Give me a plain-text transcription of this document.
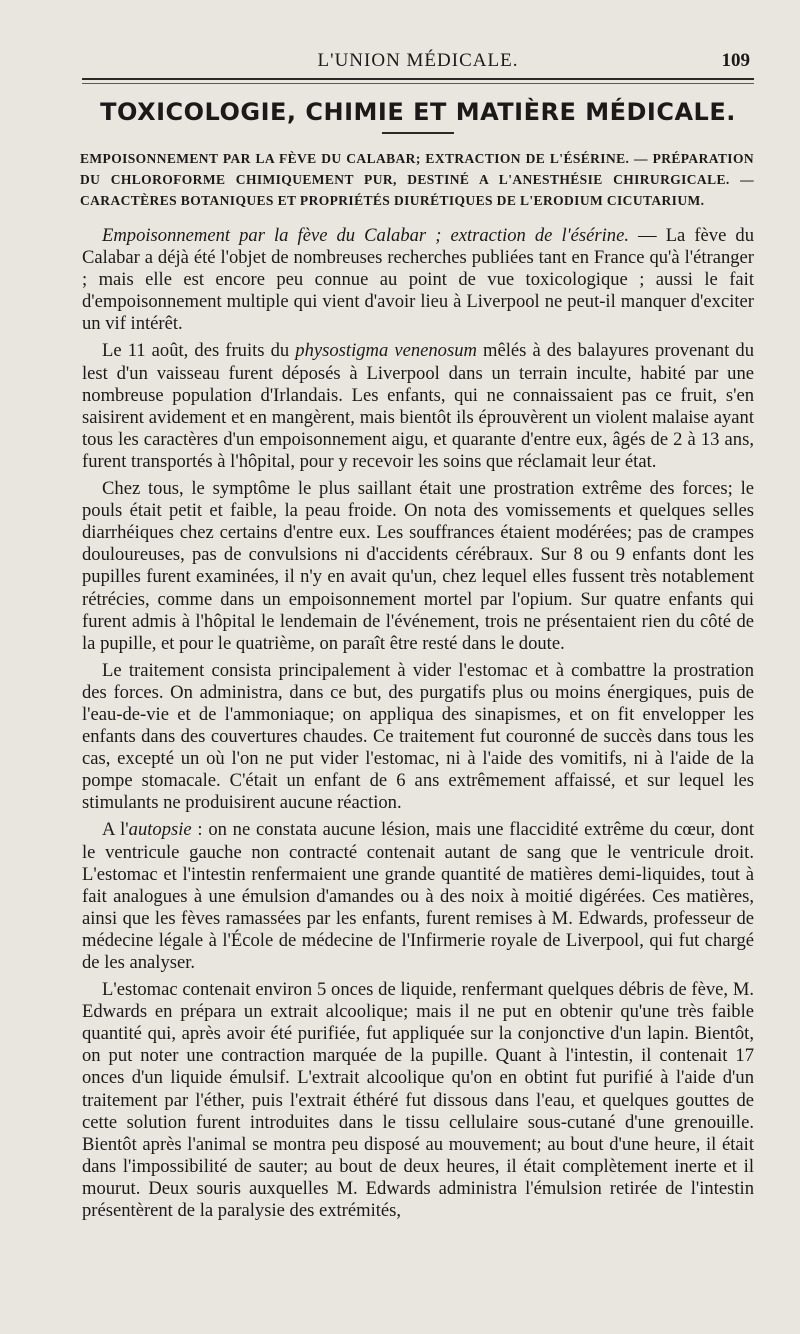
L'UNION MÉDICALE.	109
TOXICOLOGIE, CHIMIE ET MATIÈRE MÉDICALE.
EMPOISONNEMENT PAR LA FÈVE DU CALABAR; EXTRACTION DE L'ÉSÉRINE. — PRÉPARATION DU CHLOROFORME CHIMIQUEMENT PUR, DESTINÉ A L'ANESTHÉSIE CHIRURGICALE. — CARACTÈRES BOTANIQUES ET PROPRIÉTÉS DIURÉTIQUES DE L'ERODIUM CICUTARIUM.

Empoisonnement par la fève du Calabar ; extraction de l'ésérine. — La fève du Calabar a déjà été l'objet de nombreuses recherches publiées tant en France qu'à l'étranger ; mais elle est encore peu connue au point de vue toxicologique ; aussi le fait d'empoisonnement multiple qui vient d'avoir lieu à Liverpool ne peut-il manquer d'exciter un vif intérêt.

Le 11 août, des fruits du physostigma venenosum mêlés à des balayures provenant du lest d'un vaisseau furent déposés à Liverpool dans un terrain inculte, habité par une nombreuse population d'Irlandais. Les enfants, qui ne connaissaient pas ce fruit, s'en saisirent avidement et en mangèrent, mais bientôt ils éprouvèrent un violent malaise ayant tous les caractères d'un empoisonnement aigu, et quarante d'entre eux, âgés de 2 à 13 ans, furent transportés à l'hôpital, pour y recevoir les soins que réclamait leur état.

Chez tous, le symptôme le plus saillant était une prostration extrême des forces; le pouls était petit et faible, la peau froide. On nota des vomissements et quelques selles diarrhéiques chez certains d'entre eux. Les souffrances étaient modérées; pas de crampes douloureuses, pas de convulsions ni d'accidents cérébraux. Sur 8 ou 9 enfants dont les pupilles furent examinées, il n'y en avait qu'un, chez lequel elles fussent très notablement rétrécies, comme dans un empoisonnement mortel par l'opium. Sur quatre enfants qui furent admis à l'hôpital le lendemain de l'événement, trois ne présentaient rien du côté de la pupille, et pour le quatrième, on paraît être resté dans le doute.

Le traitement consista principalement à vider l'estomac et à combattre la prostration des forces. On administra, dans ce but, des purgatifs plus ou moins énergiques, puis de l'eau-de-vie et de l'ammoniaque; on appliqua des sinapismes, et on fit envelopper les enfants dans des couvertures chaudes. Ce traitement fut couronné de succès dans tous les cas, excepté un où l'on ne put vider l'estomac, ni à l'aide des vomitifs, ni à l'aide de la pompe stomacale. C'était un enfant de 6 ans extrêmement affaissé, et sur lequel les stimulants ne produisirent aucune réaction.

A l'autopsie : on ne constata aucune lésion, mais une flaccidité extrême du cœur, dont le ventricule gauche non contracté contenait autant de sang que le ventricule droit. L'estomac et l'intestin renfermaient une grande quantité de matières demi-liquides, tout à fait analogues à une émulsion d'amandes ou à des noix à moitié digérées. Ces matières, ainsi que les fèves ramassées par les enfants, furent remises à M. Edwards, professeur de médecine légale à l'École de médecine de l'Infirmerie royale de Liverpool, qui fut chargé de les analyser.

L'estomac contenait environ 5 onces de liquide, renfermant quelques débris de fève, M. Edwards en prépara un extrait alcoolique; mais il ne put en obtenir qu'une très faible quantité qui, après avoir été purifiée, fut appliquée sur la conjonctive d'un lapin. Bientôt, on put noter une contraction marquée de la pupille. Quant à l'intestin, il contenait 17 onces d'un liquide émulsif. L'extrait alcoolique qu'on en obtint fut purifié à l'aide d'un traitement par l'éther, puis l'extrait éthéré fut dissous dans l'eau, et quelques gouttes de cette solution furent introduites dans le tissu cellulaire sous-cutané d'une grenouille. Bientôt après l'animal se montra peu disposé au mouvement; au bout d'une heure, il était dans l'impossibilité de sauter; au bout de deux heures, il était complètement inerte et il mourut. Deux souris auxquelles M. Edwards administra l'émulsion retirée de l'intestin présentèrent de la paralysie des extrémités,
